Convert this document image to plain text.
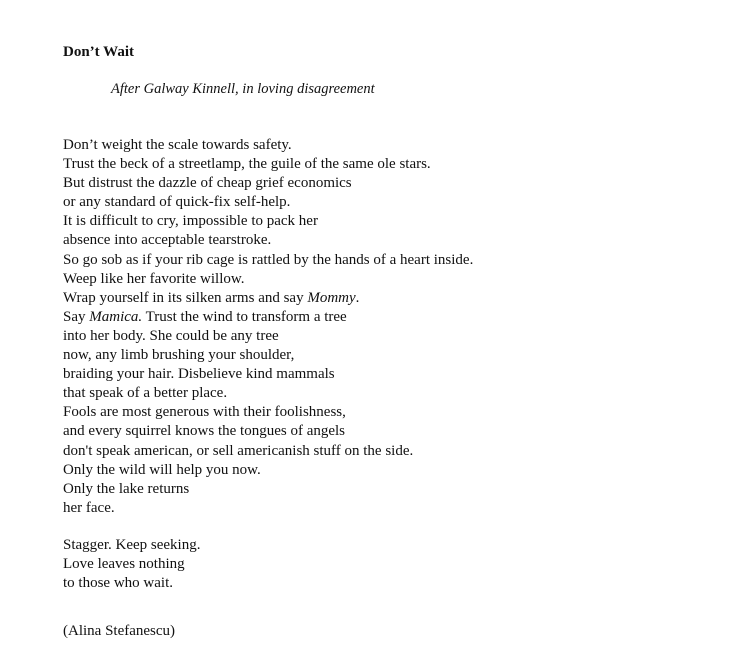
Don’t Wait
After Galway Kinnell, in loving disagreement
Don’t weight the scale towards safety.
Trust the beck of a streetlamp, the guile of the same ole stars.
But distrust the dazzle of cheap grief economics
or any standard of quick-fix self-help.
It is difficult to cry, impossible to pack her
absence into acceptable tearstroke.
So go sob as if your rib cage is rattled by the hands of a heart inside.
Weep like her favorite willow.
Wrap yourself in its silken arms and say Mommy.
Say Mamica. Trust the wind to transform a tree
into her body. She could be any tree
now, any limb brushing your shoulder,
braiding your hair. Disbelieve kind mammals
that speak of a better place.
Fools are most generous with their foolishness,
and every squirrel knows the tongues of angels
don't speak american, or sell americanish stuff on the side.
Only the wild will help you now.
Only the lake returns
her face.
Stagger. Keep seeking.
Love leaves nothing
to those who wait.
(Alina Stefanescu)
